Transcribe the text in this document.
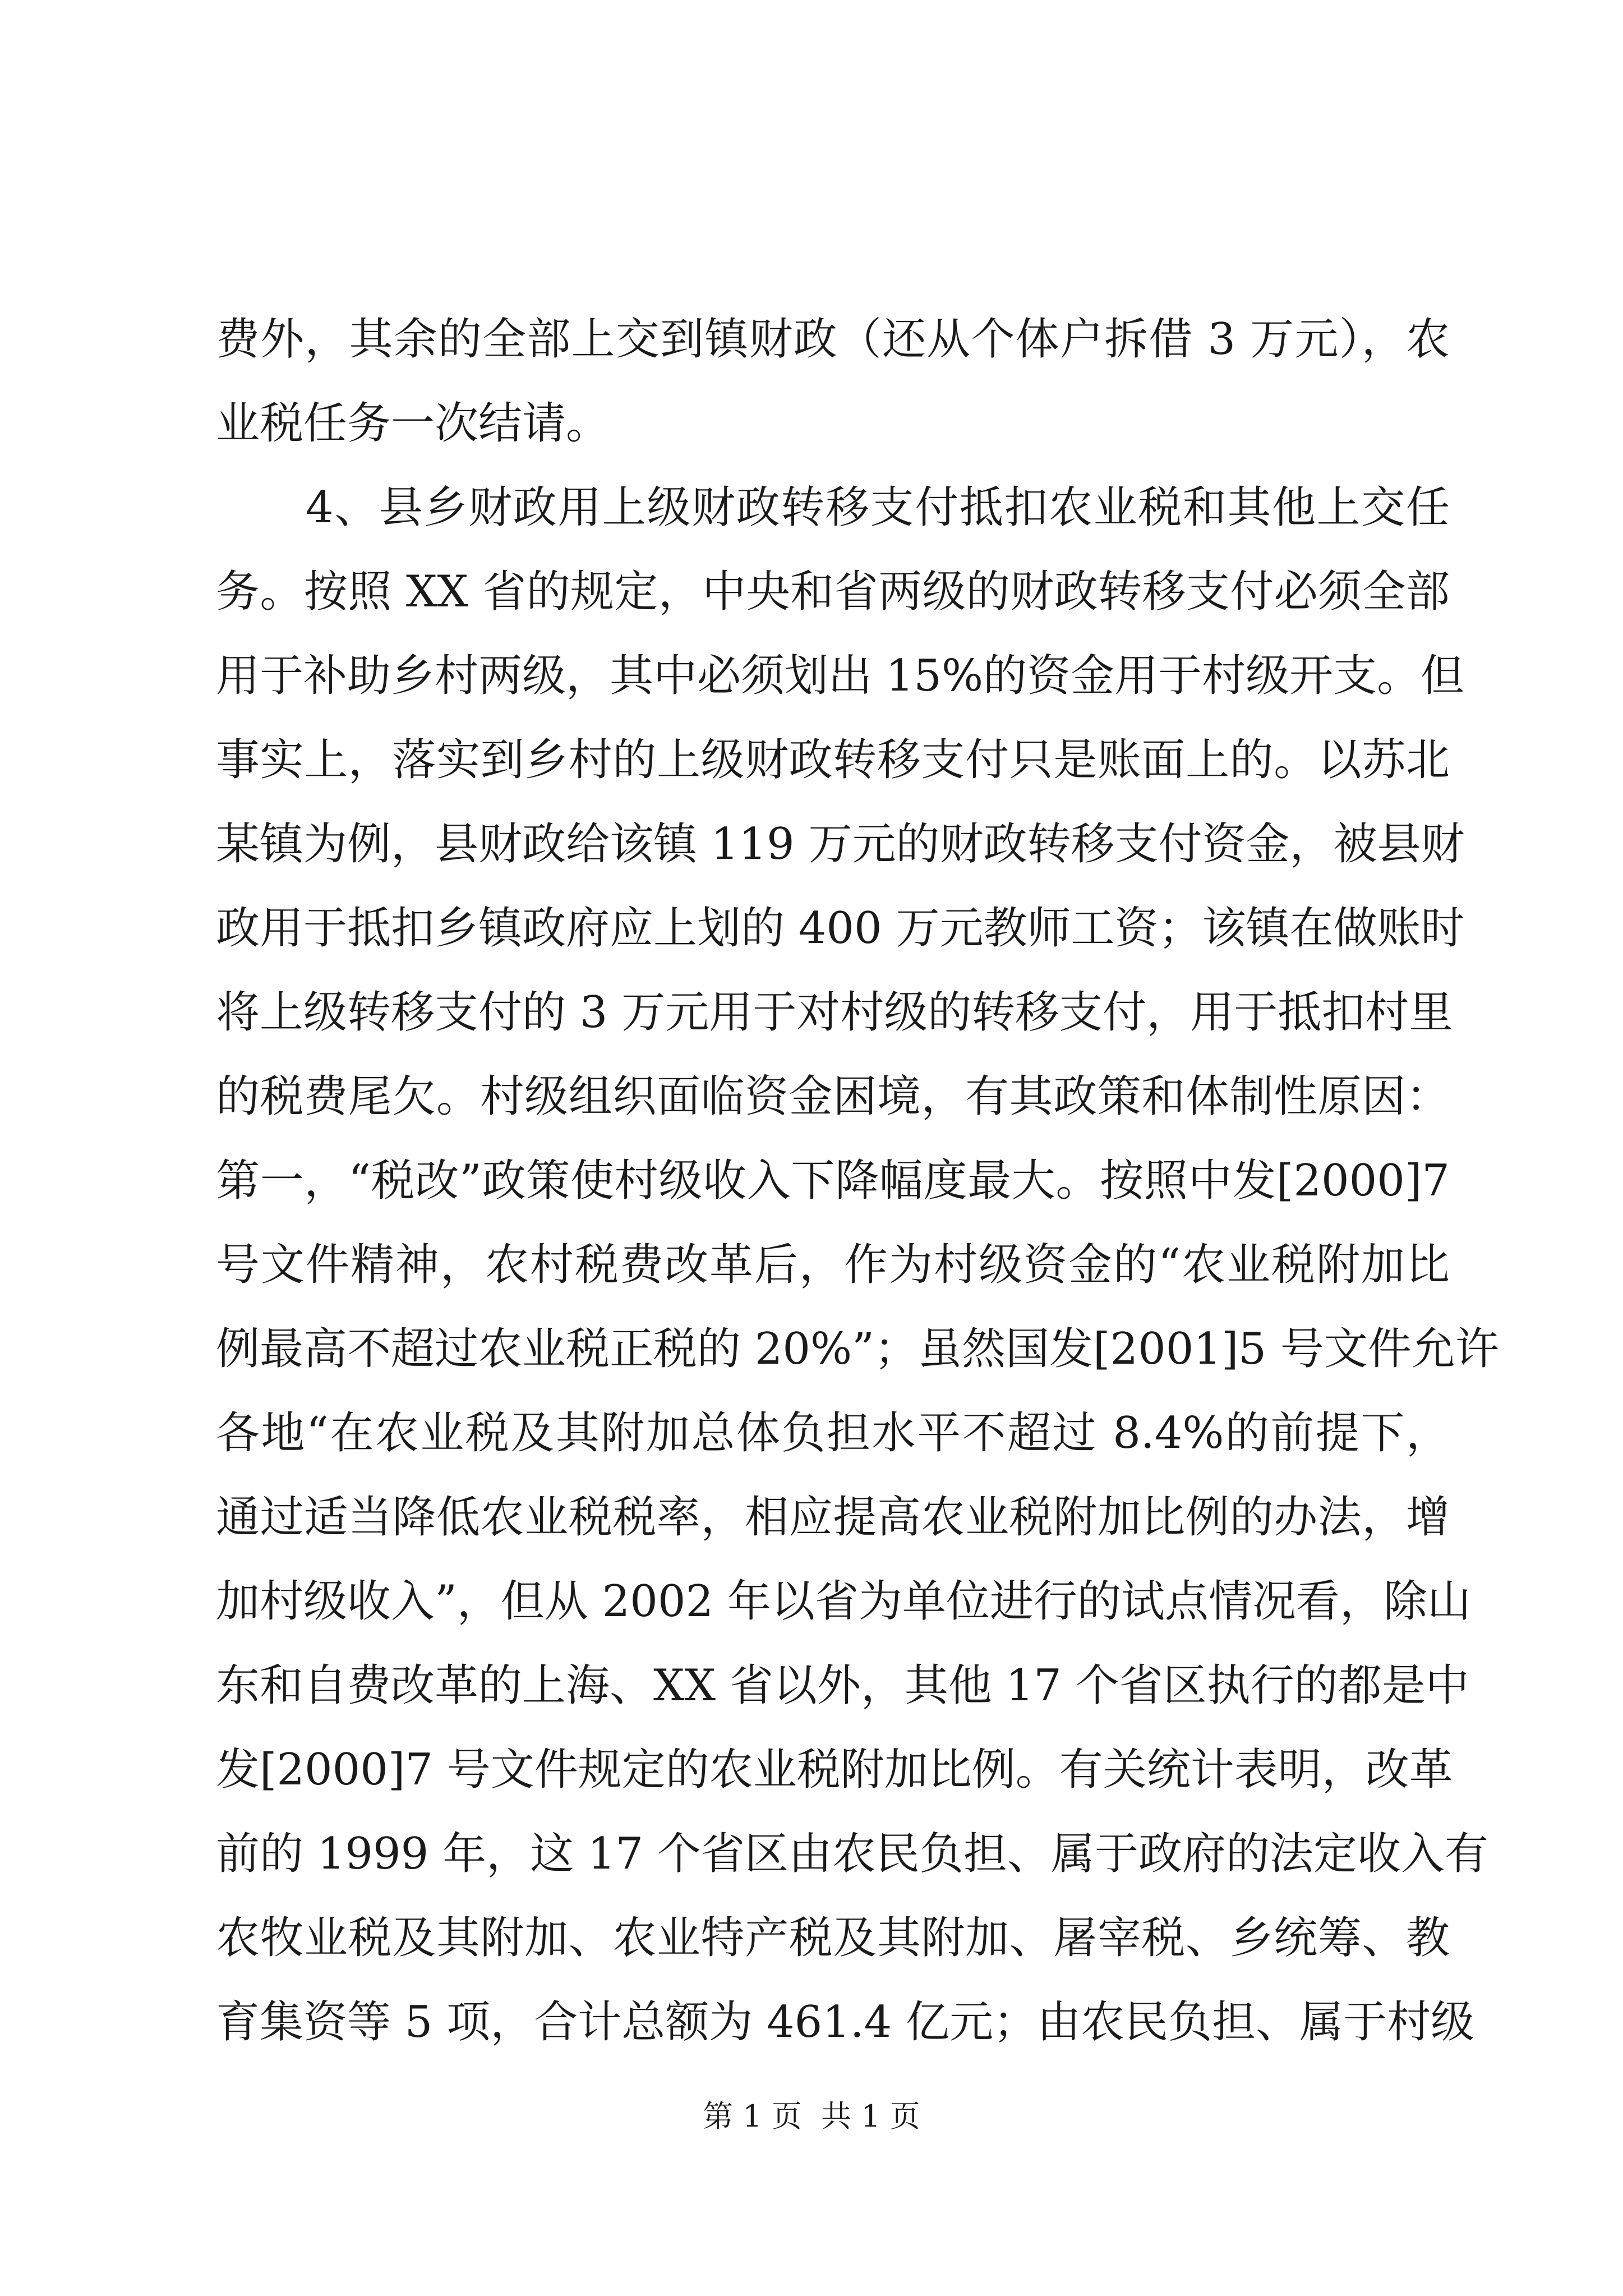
费外，其余的全部上交到镇财政（还从个体户拆借 3 万元），农
业税任务一次结请。
4、县乡财政用上级财政转移支付抵扣农业税和其他上交任
务。按照 XX 省的规定，中央和省两级的财政转移支付必须全部
用于补助乡村两级，其中必须划出 15%的资金用于村级开支。但
事实上，落实到乡村的上级财政转移支付只是账面上的。以苏北
某镇为例，县财政给该镇 119 万元的财政转移支付资金，被县财
政用于抵扣乡镇政府应上划的 400 万元教师工资；该镇在做账时
将上级转移支付的 3 万元用于对村级的转移支付，用于抵扣村里
的税费尾欠。村级组织面临资金困境，有其政策和体制性原因：
第一，“税改”政策使村级收入下降幅度最大。按照中发[2000]7
号文件精神，农村税费改革后，作为村级资金的“农业税附加比
例最高不超过农业税正税的 20%”；虽然国发[2001]5 号文件允许
各地“在农业税及其附加总体负担水平不超过 8.4%的前提下，
通过适当降低农业税税率，相应提高农业税附加比例的办法，增
加村级收入”，但从 2002 年以省为单位进行的试点情况看，除山
东和自费改革的上海、XX 省以外，其他 17 个省区执行的都是中
发[2000]7 号文件规定的农业税附加比例。有关统计表明，改革
前的 1999 年，这 17 个省区由农民负担、属于政府的法定收入有
农牧业税及其附加、农业特产税及其附加、屠宰税、乡统筹、教
育集资等 5 项，合计总额为 461.4 亿元；由农民负担、属于村级
第 1 页  共 1 页
